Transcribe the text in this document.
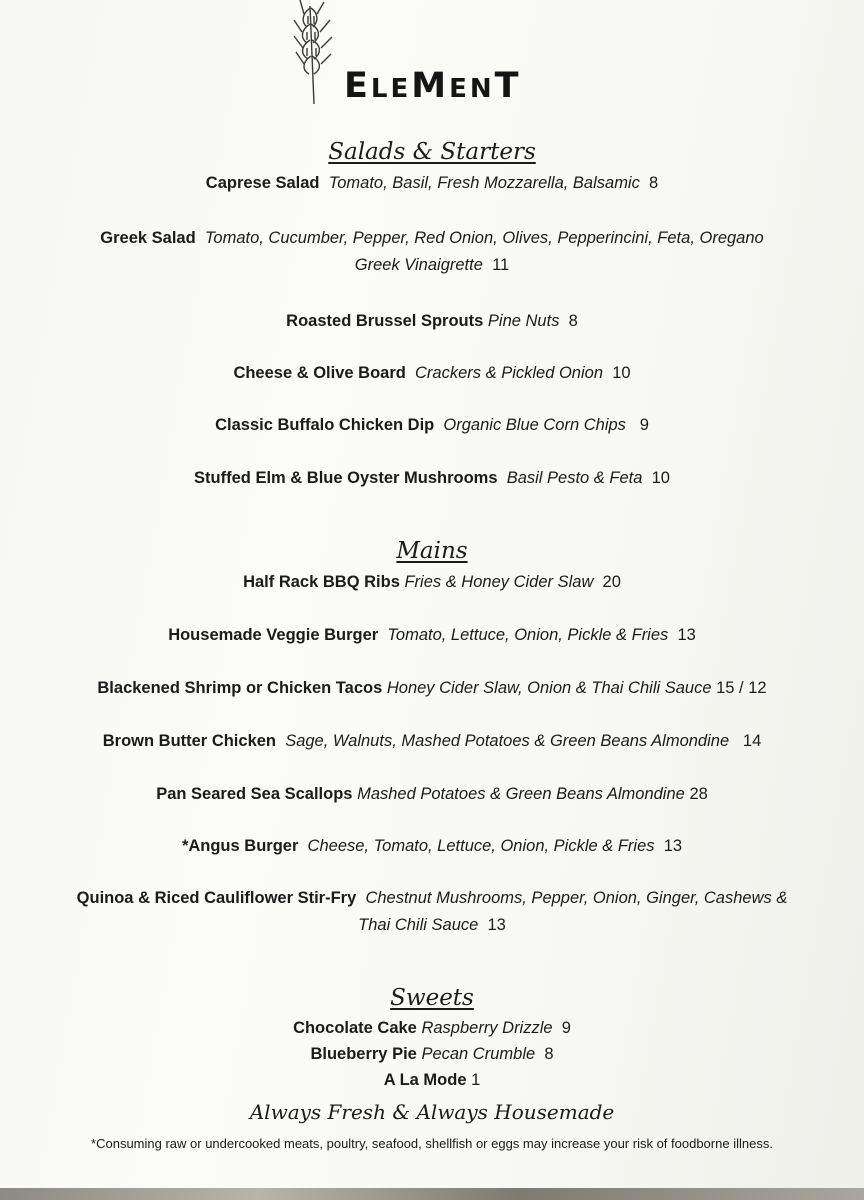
ELEMENT
Salads & Starters
Caprese Salad Tomato, Basil, Fresh Mozzarella, Balsamic 8
Greek Salad Tomato, Cucumber, Pepper, Red Onion, Olives, Pepperincini, Feta, Oregano
Greek Vinaigrette 11
Roasted Brussel Sprouts Pine Nuts 8
Cheese & Olive Board Crackers & Pickled Onion 10
Classic Buffalo Chicken Dip Organic Blue Corn Chips 9
Stuffed Elm & Blue Oyster Mushrooms Basil Pesto & Feta 10
Mains
Half Rack BBQ Ribs Fries & Honey Cider Slaw 20
Housemade Veggie Burger Tomato, Lettuce, Onion, Pickle & Fries 13
Blackened Shrimp or Chicken Tacos Honey Cider Slaw, Onion & Thai Chili Sauce 15 / 12
Brown Butter Chicken Sage, Walnuts, Mashed Potatoes & Green Beans Almondine 14
Pan Seared Sea Scallops Mashed Potatoes & Green Beans Almondine 28
*Angus Burger Cheese, Tomato, Lettuce, Onion, Pickle & Fries 13
Quinoa & Riced Cauliflower Stir-Fry Chestnut Mushrooms, Pepper, Onion, Ginger, Cashews &
Thai Chili Sauce 13
Sweets
Chocolate Cake Raspberry Drizzle 9
Blueberry Pie Pecan Crumble 8
A La Mode 1
Always Fresh & Always Housemade
*Consuming raw or undercooked meats, poultry, seafood, shellfish or eggs may increase your risk of foodborne illness.
